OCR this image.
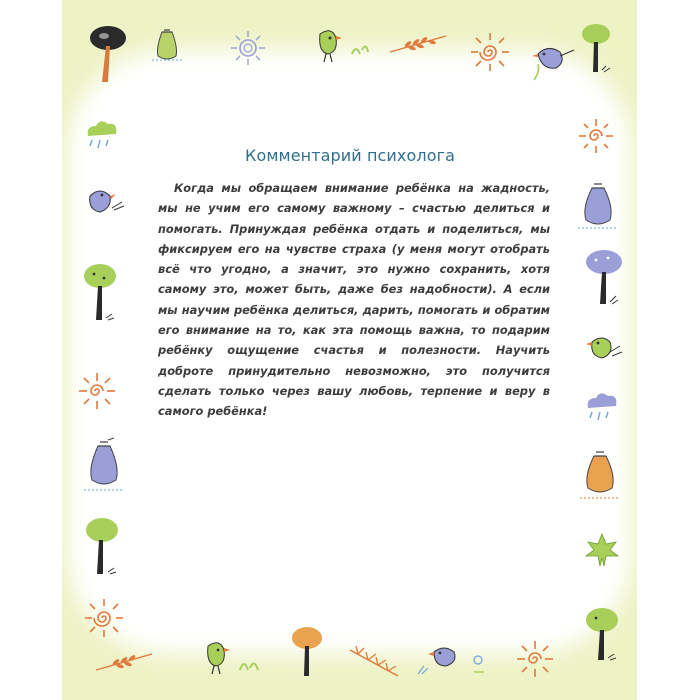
Комментарий психолога

Когда мы обращаем внимание ребёнка на жадность, мы не учим его самому важному – счастью делиться и помогать. Принуждая ребёнка отдать и поделиться, мы фиксируем его на чувстве страха (у меня могут отобрать всё что угодно, а значит, это нужно сохранить, хотя самому это, может быть, даже без надобности). А если мы научим ребёнка делиться, дарить, помогать и обратим его внимание на то, как эта помощь важна, то подарим ребёнку ощущение счастья и полезности. Научить доброте принудительно невозможно, это получится сделать только через вашу любовь, терпение и веру в самого ребёнка!
